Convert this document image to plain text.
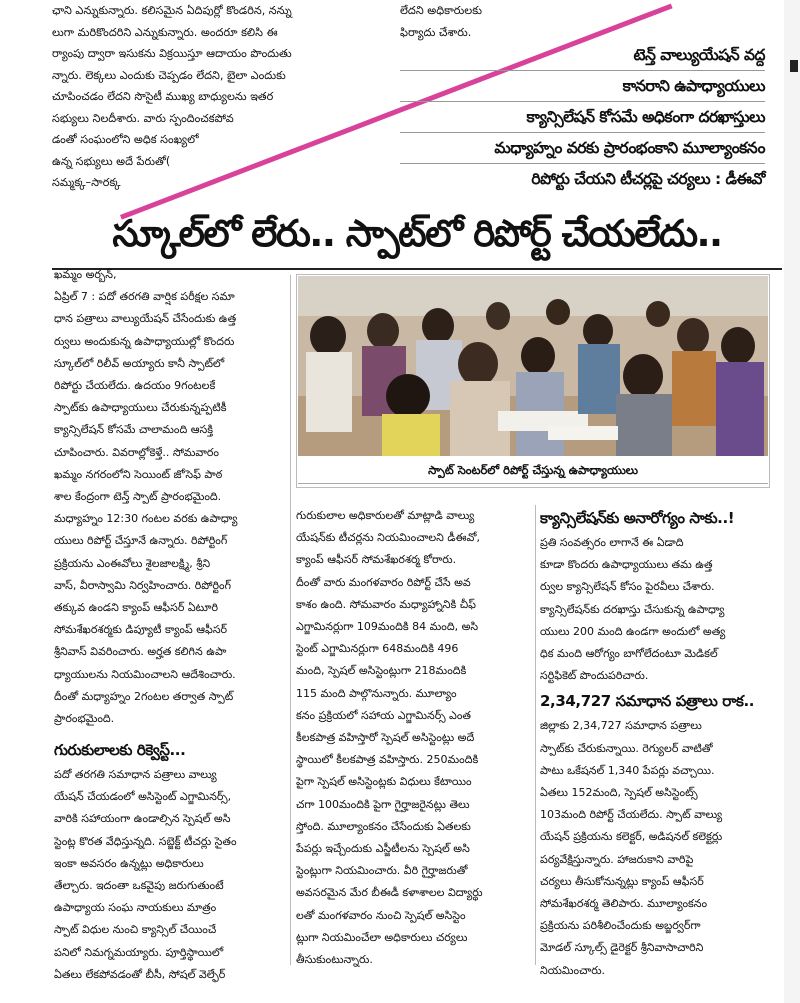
ఛాని ఎన్నుకున్నారు. కలిసమైన ఏదిపుర్లో కొండరిన, నన్ను

లుగా మరికొందరిని ఎన్నుకున్నారు. అందరూ కలిసి ఈ

ర్యాంపు ద్వారా ఇసుకను విక్రయిస్తూ ఆదాయం పొందుతు

న్నారు. లెక్కలు ఎందుకు చెప్పడం లేదని, బైలా ఎందుకు

చూపించడం లేదని సొసైటీ ముఖ్య బాధ్యులను ఇతర

సభ్యులు నిలదీశారు. వారు స్పందించకపోవ

డంతో సంఘంలోని అధిక సంఖ్యలో

ఉన్న సభ్యులు అదే పేరుతో(

సమ్మక్క–సారక్క

లేదని అధికారులకు

ఫిర్యాదు చేశారు.

టెన్త్ వాల్యుయేషన్ వద్ద
కానరాని ఉపాధ్యాయులు
క్యాన్సిలేషన్ కోసమే అధికంగా దరఖాస్తులు
మధ్యాహ్నం వరకు ప్రారంభంకాని మూల్యాంకనం
రిపోర్టు చేయని టీచర్లపై చర్యలు : డీఈవో
స్కూల్‌లో లేరు.. స్పాట్‌లో రిపోర్ట్ చేయలేదు..
స్పాట్ సెంటర్‌లో రిపోర్ట్ చేస్తున్న ఉపాధ్యాయులు

ఖమ్మం అర్బన్,

ఏప్రిల్ 7 : పదో తరగతి వార్షిక పరీక్షల సమా

ధాన పత్రాలు వాల్యుయేషన్ చేసేందుకు ఉత్త

ర్వులు అందుకున్న ఉపాధ్యాయుల్లో కొందరు

స్కూల్‌లో రిలీవ్ అయ్యారు కానీ స్పాట్‌లో

రిపోర్టు చేయలేదు. ఉదయం 9గంటలకే

స్పాట్‌కు ఉపాధ్యాయులు చేరుకున్నప్పటికీ

క్యాన్సిలేషన్ కోసమే చాలామంది ఆసక్తి

చూపించారు. వివరాల్లోకెళ్తే.. సోమవారం

ఖమ్మం నగరంలోని సెయింట్ జోసెఫ్ పాఠ

శాల కేంద్రంగా టెన్త్ స్పాట్ ప్రారంభమైంది.

మధ్యాహ్నం 12:30 గంటల వరకు ఉపాధ్యా

యులు రిపోర్ట్ చేస్తూనే ఉన్నారు. రిపోర్టింగ్

ప్రక్రియను ఎంఈవోలు శైలజాలక్ష్మి, శ్రీని

వాస్, వీరాస్వామి నిర్వహించారు. రిపోర్టింగ్

తక్కువ ఉండని క్యాంప్ ఆఫీసర్ ఏటూరి

సోమశేఖరశర్మకు డిప్యూటీ క్యాంప్ ఆఫీసర్

శ్రీనివాస్ వివరించారు. అర్హత కలిగిన ఉపా

ధ్యాయులను నియమించాలని ఆదేశించారు.

దీంతో మధ్యాహ్నం 2గంటల తర్వాత స్పాట్

ప్రారంభమైంది.

గురుకులాలకు రిక్వెస్ట్...

పదో తరగతి సమాధాన పత్రాలు వాల్యు

యేషన్ చేయడంలో అసిస్టెంట్ ఎగ్జామినర్స్,

వారికి సహాయంగా ఉండాల్సిన స్పెషల్ అసి

స్టెంట్ల కొరత వేధిస్తున్నది. సబ్జెక్ట్ టీచర్లు సైతం

ఇంకా అవసరం ఉన్నట్లు అధికారులు

తేల్చారు. ఇదంతా ఒకవైపు జరుగుతుంటే

ఉపాధ్యాయ సంఘ నాయకులు మాత్రం

స్పాట్ విధుల నుంచి క్యాన్సిల్ చేయించే

పనిలో నిమగ్నమయ్యారు. పూర్తిస్థాయిలో

ఏతలు లేకపోవడంతో బీసీ, సోషల్ వెల్ఫేర్

గురుకులాల అధికారులతో మాట్లాడి వాల్యు

యేషన్‌కు టీచర్లను నియమించాలని డీఈవో,

క్యాంప్ ఆఫీసర్ సోమశేఖరశర్మ కోరారు.

దీంతో వారు మంగళవారం రిపోర్ట్ చేసే అవ

కాశం ఉంది. సోమవారం మధ్యాహ్నానికి చీఫ్

ఎగ్జామినర్లుగా 109మందికి 84 మంది, అసి

స్టెంట్ ఎగ్జామినర్లుగా 648మందికి 496

మంది, స్పెషల్ అసిస్టెంట్లుగా 218మందికి

115 మంది పాల్గొనున్నారు. మూల్యాం

కనం ప్రక్రియలో సహాయ ఎగ్జామినర్స్ ఎంత

కీలకపాత్ర వహిస్తారో స్పెషల్ అసిస్టెంట్లు అదే

స్థాయిలో కీలకపాత్ర వహిస్తారు. 250మందికి

పైగా స్పెషల్ అసిస్టెంట్లకు విధులు కేటాయిం

చగా 100మందికి పైగా గైర్హాజరైనట్లు తెలు

స్తోంది. మూల్యాంకనం చేసేందుకు ఏతలకు

పేపర్లు ఇచ్చేందుకు ఎస్జీటీలను స్పెషల్ అసి

స్టెంట్లుగా నియమించారు. వీరి గైర్హాజరుతో

అవసరమైన మేర బీఈడీ కళాశాలల విద్యార్థు

లతో మంగళవారం నుంచి స్పెషల్ అసిస్టెం

ట్లుగా నియమించేలా అధికారులు చర్యలు

తీసుకుంటున్నారు.

క్యాన్సిలేషన్‌కు అనారోగ్యం సాకు..!

ప్రతి సంవత్సరం లాగానే ఈ ఏడాది

కూడా కొందరు ఉపాధ్యాయులు తమ ఉత్త

ర్వుల క్యాన్సిలేషన్ కోసం పైరవీలు చేశారు.

క్యాన్సిలేషన్‌కు దరఖాస్తు చేసుకున్న ఉపాధ్యా

యులు 200 మంది ఉండగా అందులో అత్య

ధిక మంది ఆరోగ్యం బాగోలేదంటూ మెడికల్

సర్టిఫికెట్ పొందుపరిచారు.

2,34,727 సమాధాన పత్రాలు రాక..

జిల్లాకు 2,34,727 సమాధాన పత్రాలు

స్పాట్‌కు చేరుకున్నాయి. రెగ్యులర్ వాటితో

పాటు ఒకేషనల్ 1,340 పేపర్లు వచ్చాయి.

ఏతలు 152మంది, స్పెషల్ అసిస్టెంట్స్

103మంది రిపోర్ట్ చేయలేదు. స్పాట్ వాల్యు

యేషన్ ప్రక్రియను కలెక్టర్, అడిషనల్ కలెక్టర్లు

పర్యవేక్షిస్తున్నారు. హాజరుకాని వారిపై

చర్యలు తీసుకోనున్నట్లు క్యాంప్ ఆఫీసర్

సోమశేఖరశర్మ తెలిపారు. మూల్యాంకనం

ప్రక్రియను పరిశీలించేందుకు అబ్జర్వర్‌గా

మోడల్ స్కూల్స్ డైరెక్టర్ శ్రీనివాసాచారిని

నియమించారు.
